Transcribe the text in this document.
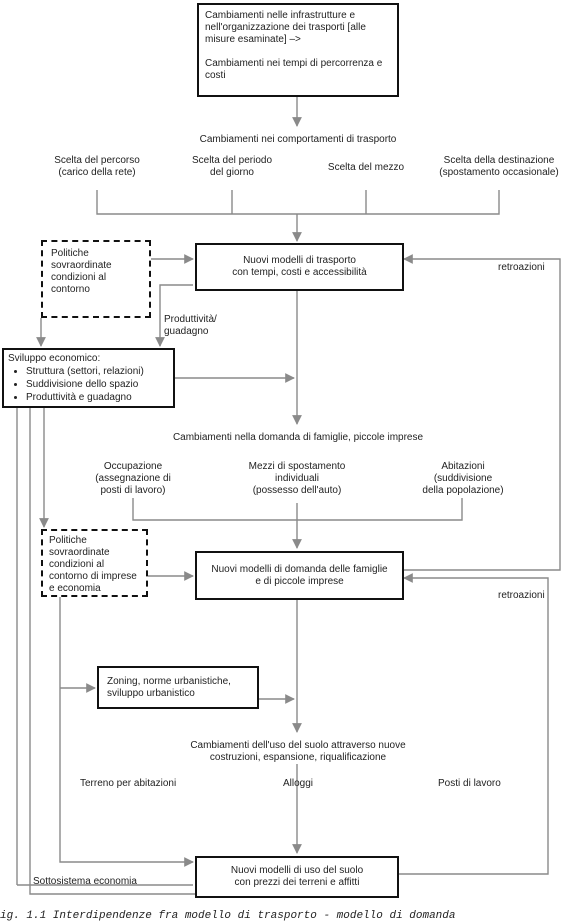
Cambiamenti nelle infrastrutture e nell'organizzazione dei trasporti [alle misure esaminate] –>
Cambiamenti nei tempi di percorrenza e costi
Cambiamenti nei comportamenti di trasporto
Scelta del percorso
(carico della rete)
Scelta del periodo
del giorno	Scelta del mezzo
Scelta della destinazione
(spostamento occasionale)
Politiche
sovraordinate
condizioni al
contorno
Nuovi modelli di trasporto
con tempi, costi e accessibilità	retroazioni
Produttività/
guadagno
Sviluppo economico:
• Struttura (settori, relazioni)
• Suddivisione dello spazio
• Produttività e guadagno
Cambiamenti nella domanda di famiglie, piccole imprese
Occupazione
(assegnazione di
posti di lavoro)
Mezzi di spostamento
individuali
(possesso dell'auto)
Abitazioni
(suddivisione
della popolazione)
Politiche
sovraordinate
condizioni al
contorno di imprese
e economia
Nuovi modelli di domanda delle famiglie
e di piccole imprese
retroazioni
Zoning, norme urbanistiche,
sviluppo urbanistico
Cambiamenti dell'uso del suolo attraverso nuove
costruzioni, espansione, riqualificazione
Terreno per abitazioni	Alloggi	Posti di lavoro
Nuovi modelli di uso del suolo
con prezzi dei terreni e affitti
Sottosistema economia
ig. 1.1 Interdipendenze fra modello di trasporto - modello di domanda
